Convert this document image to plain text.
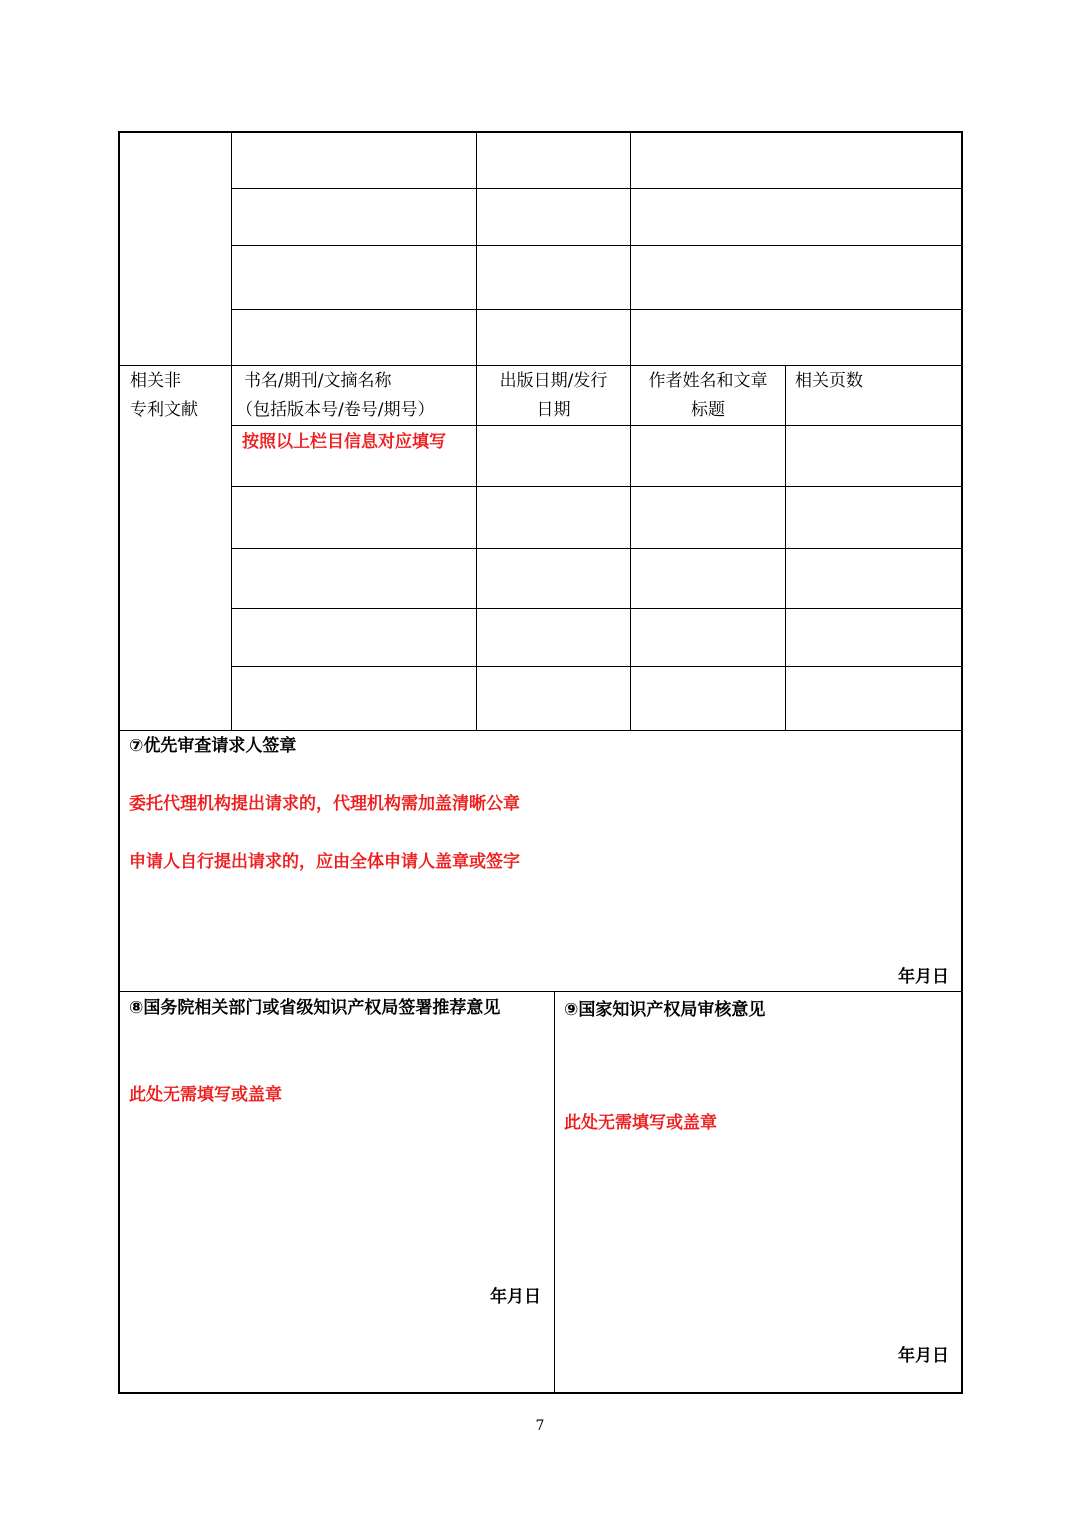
相关非
专利文献
书名/期刊/文摘名称
（包括版本号/卷号/期号）
出版日期/发行
日期
作者姓名和文章
标题
相关页数
按照以上栏目信息对应填写
⑦优先审查请求人签章
委托代理机构提出请求的，代理机构需加盖清晰公章
申请人自行提出请求的，应由全体申请人盖章或签字
年月日
⑧国务院相关部门或省级知识产权局签署推荐意见
此处无需填写或盖章
年月日
⑨国家知识产权局审核意见
此处无需填写或盖章
年月日
7
